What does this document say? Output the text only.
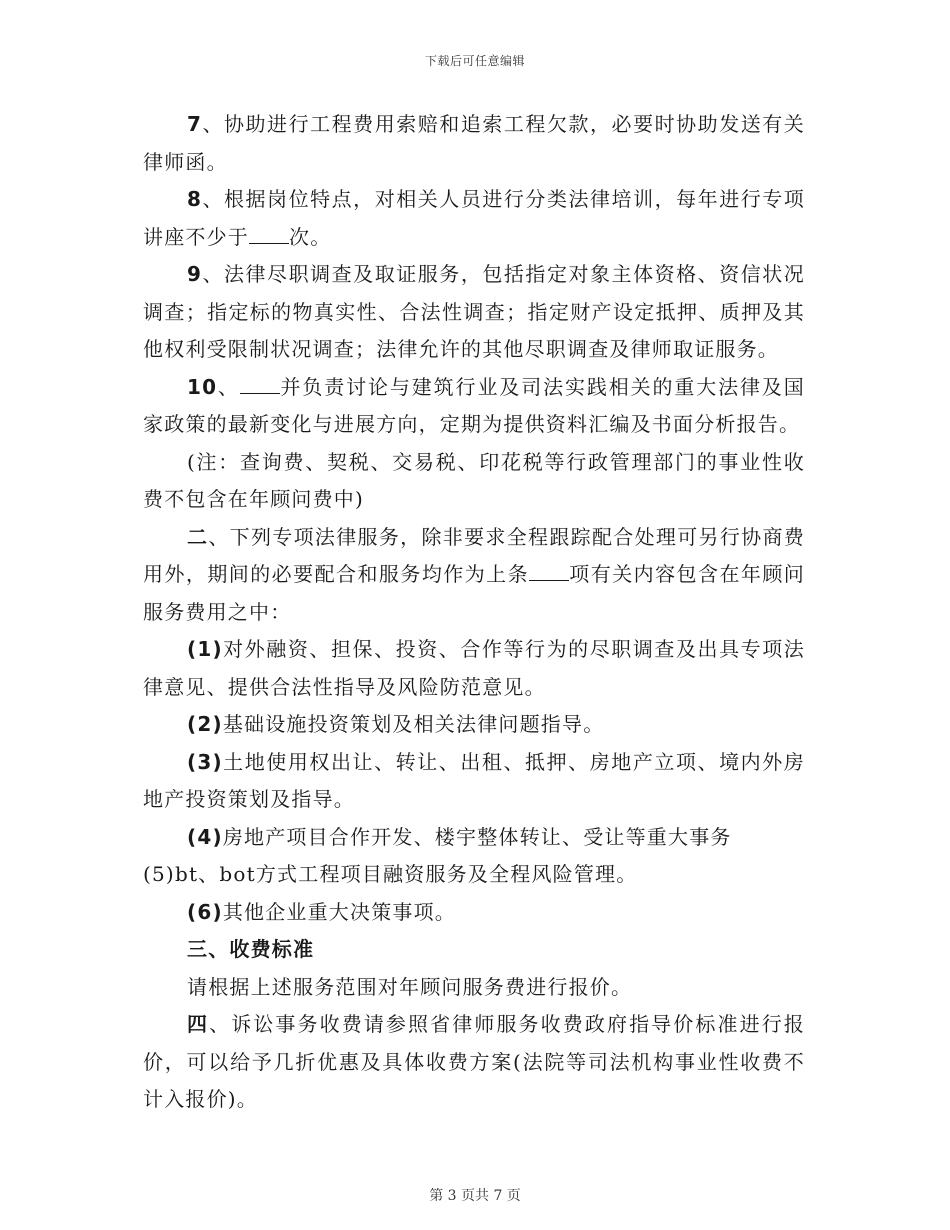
下载后可任意编辑

7、协助进行工程费用索赔和追索工程欠款，必要时协助发送有关律师函。

8、根据岗位特点，对相关人员进行分类法律培训，每年进行专项讲座不少于 次。

9、法律尽职调查及取证服务，包括指定对象主体资格、资信状况调查；指定标的物真实性、合法性调查；指定财产设定抵押、质押及其他权利受限制状况调查；法律允许的其他尽职调查及律师取证服务。

10、 并负责讨论与建筑行业及司法实践相关的重大法律及国家政策的最新变化与进展方向，定期为提供资料汇编及书面分析报告。

(注：查询费、契税、交易税、印花税等行政管理部门的事业性收费不包含在年顾问费中)

二、下列专项法律服务，除非要求全程跟踪配合处理可另行协商费用外，期间的必要配合和服务均作为上条 项有关内容包含在年顾问服务费用之中：

(1)对外融资、担保、投资、合作等行为的尽职调查及出具专项法律意见、提供合法性指导及风险防范意见。

(2)基础设施投资策划及相关法律问题指导。

(3)土地使用权出让、转让、出租、抵押、房地产立项、境内外房地产投资策划及指导。

(4)房地产项目合作开发、楼宇整体转让、受让等重大事务

(5)bt、bot方式工程项目融资服务及全程风险管理。

(6)其他企业重大决策事项。

三、收费标准

请根据上述服务范围对年顾问服务费进行报价。

四、诉讼事务收费请参照省律师服务收费政府指导价标准进行报价，可以给予几折优惠及具体收费方案(法院等司法机构事业性收费不计入报价)。

第 3 页共 7 页
